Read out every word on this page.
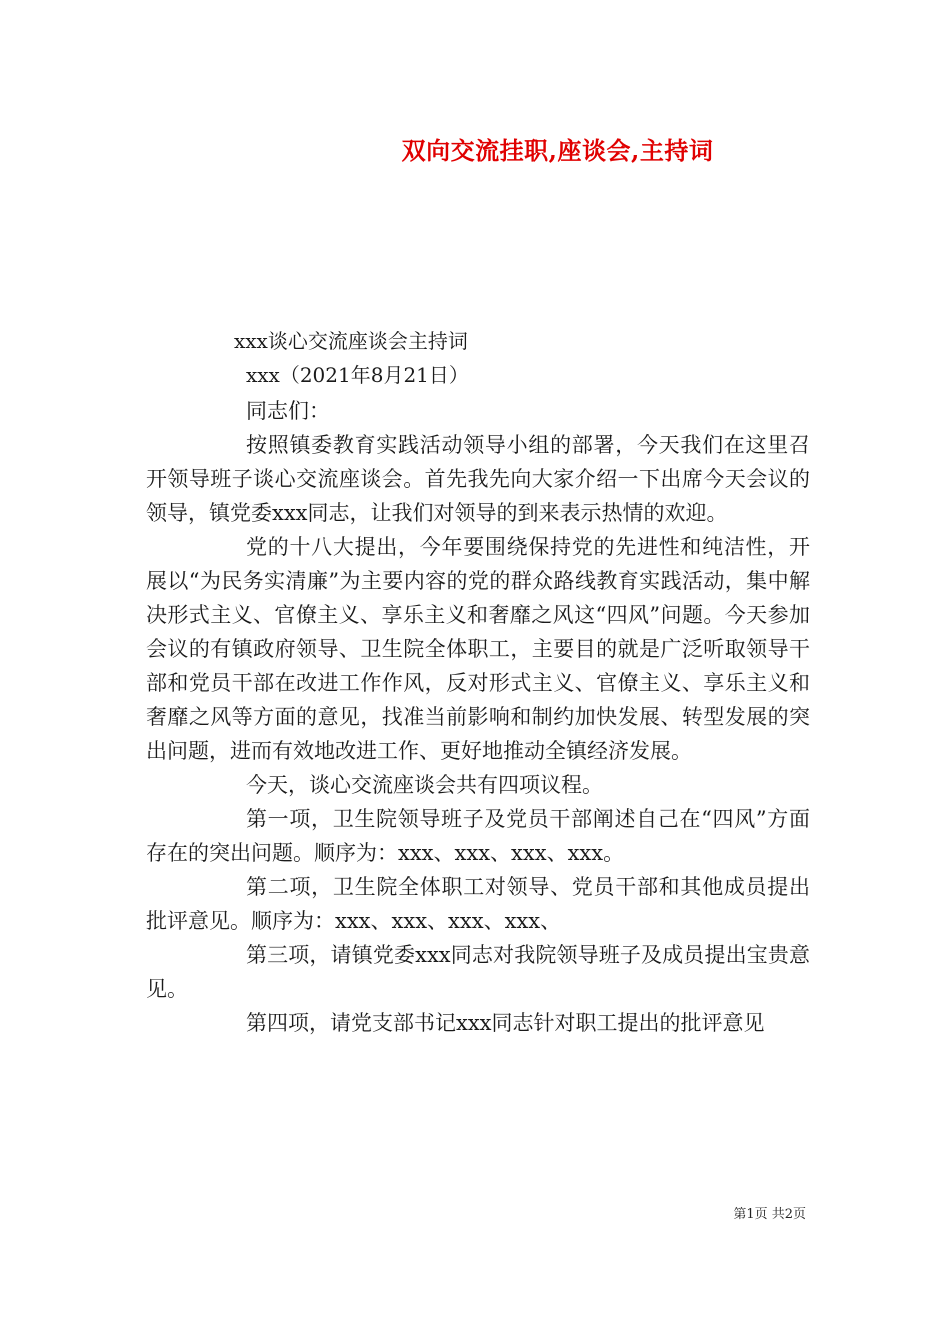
双向交流挂职,座谈会,主持词
xxx谈心交流座谈会主持词
xxx（2021年8月21日）

同志们：

按照镇委教育实践活动领导小组的部署，今天我们在这里召开领导班子谈心交流座谈会。首先我先向大家介绍一下出席今天会议的领导，镇党委xxx同志，让我们对领导的到来表示热情的欢迎。

党的十八大提出，今年要围绕保持党的先进性和纯洁性，开展以“为民务实清廉”为主要内容的党的群众路线教育实践活动，集中解决形式主义、官僚主义、享乐主义和奢靡之风这“四风”问题。今天参加会议的有镇政府领导、卫生院全体职工，主要目的就是广泛听取领导干部和党员干部在改进工作作风，反对形式主义、官僚主义、享乐主义和奢靡之风等方面的意见，找准当前影响和制约加快发展、转型发展的突出问题，进而有效地改进工作、更好地推动全镇经济发展。

今天，谈心交流座谈会共有四项议程。

第一项，卫生院领导班子及党员干部阐述自己在“四风”方面存在的突出问题。顺序为：xxx、xxx、xxx、xxx。

第二项，卫生院全体职工对领导、党员干部和其他成员提出批评意见。顺序为：xxx、xxx、xxx、xxx、

第三项，请镇党委xxx同志对我院领导班子及成员提出宝贵意见。

第四项，请党支部书记xxx同志针对职工提出的批评意见

第1页 共2页
